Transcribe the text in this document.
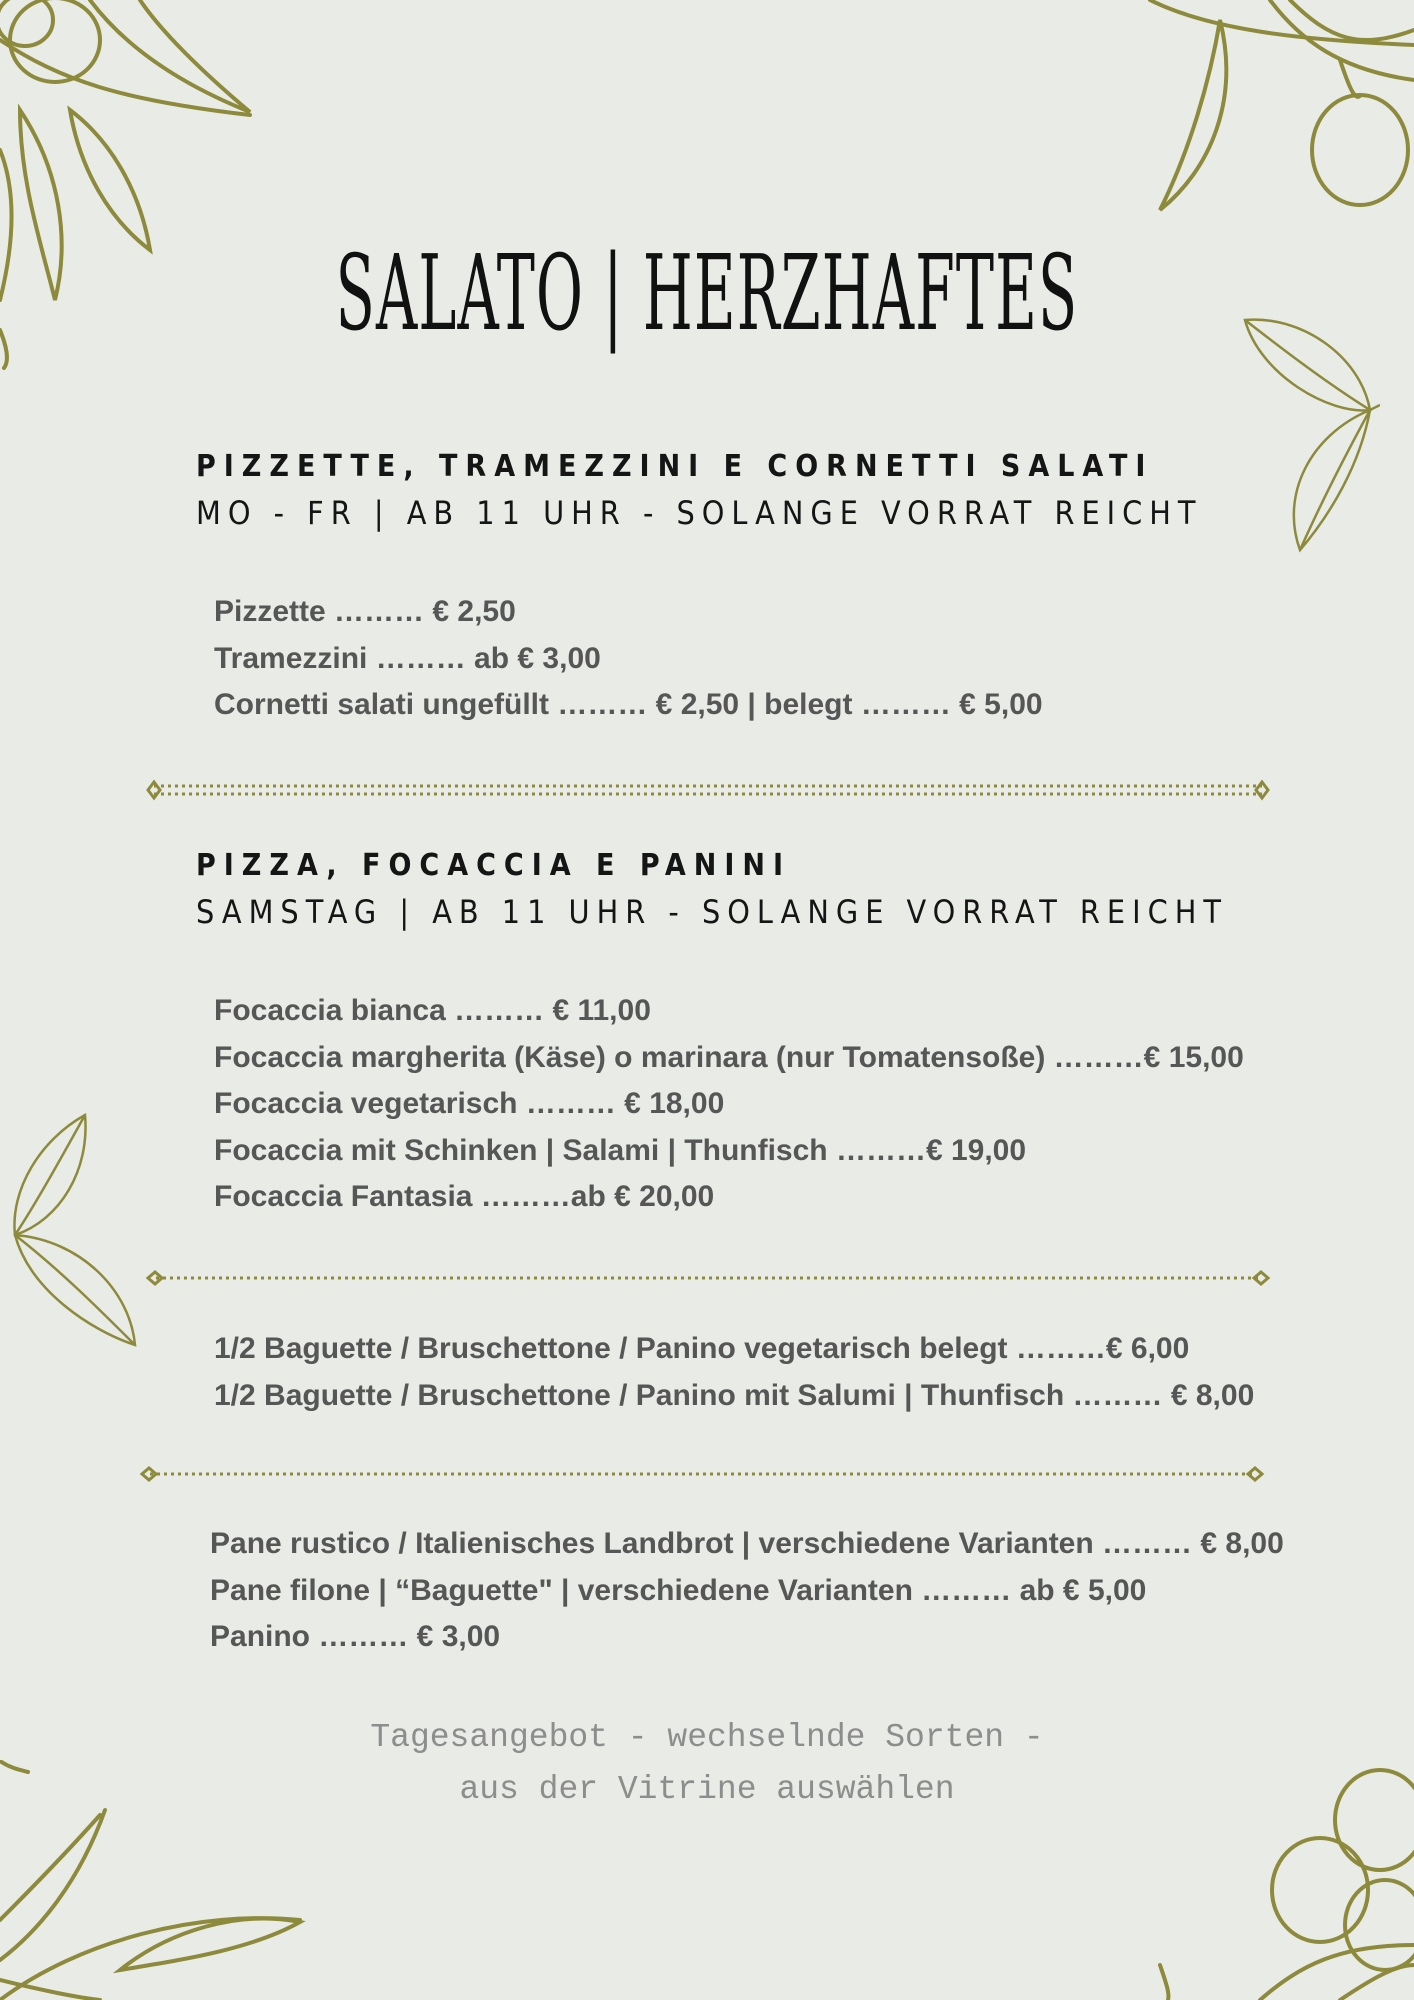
SALATO | HERZHAFTES
PIZZETTE, TRAMEZZINI E CORNETTI SALATI
MO - FR | AB 11 UHR - SOLANGE VORRAT REICHT
Pizzette ……… € 2,50
Tramezzini ……… ab € 3,00
Cornetti salati ungefüllt ……… € 2,50 | belegt ……… € 5,00
PIZZA, FOCACCIA E PANINI
SAMSTAG | AB 11 UHR - SOLANGE VORRAT REICHT
Focaccia bianca ……… € 11,00
Focaccia margherita (Käse) o marinara (nur Tomatensoße) ………€ 15,00
Focaccia vegetarisch ……… € 18,00
Focaccia mit Schinken | Salami | Thunfisch ………€ 19,00
Focaccia Fantasia ………ab € 20,00
1/2 Baguette / Bruschettone / Panino vegetarisch belegt ………€ 6,00
1/2 Baguette / Bruschettone / Panino mit Salumi | Thunfisch ……… € 8,00
Pane rustico / Italienisches Landbrot | verschiedene Varianten ……… € 8,00
Pane filone | “Baguette" | verschiedene Varianten ……… ab € 5,00
Panino ……… € 3,00
Tagesangebot - wechselnde Sorten -
aus der Vitrine auswählen
